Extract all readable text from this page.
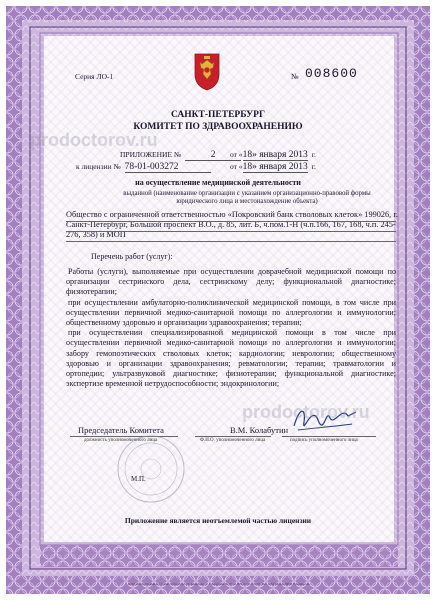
Серия ЛО-1	№ 008600
САНКТ-ПЕТЕРБУРГ
КОМИТЕТ ПО ЗДРАВООХРАНЕНИЮ
ПРИЛОЖЕНИЕ №	2	от «18» января 2013 г.
к лицензии № 78-01-003272	от «18» января 2013 г.
на осуществление медицинской деятельности
выданной (наименование организации с указанием организационно-правовой формы юридического лица и местонахождение объекта)
Общество с ограниченной ответственностью «Покровский банк стволовых клеток» 199026, г. Санкт-Петербург, Большой проспект В.О., д. 85, лит. Б, ч.пом.1-Н (ч.п.166, 167, 168, ч.п. 245-276, 358) и МОП
Перечень работ (услуг):

Работы (услуги), выполняемые при осуществлении доврачебной медицинской помощи по организации сестринского дела, сестринскому делу; функциональной диагностике; физиотерапии;

при осуществлении амбулаторно-поликлинической медицинской помощи, в том числе при осуществлении первичной медико-санитарной помощи по аллергологии и иммунологии; общественному здоровью и организации здравоохранения; терапии;

при осуществлении специализированной медицинской помощи в том числе при осуществлении первичной медико-санитарной помощи по аллергологии и иммунологии; забору гемопоэтических стволовых клеток; кардиологии; неврологии; общественному здоровью и организации здравоохранения; ревматологии; терапии; травматологии и ортопедии; ультразвуковой диагностике; физиотерапии; функциональной диагностике; экспертизе временной нетрудоспособности; эндокринологии;

Председатель Комитета	В.М. Колабутин
должность уполномоченного лица	Ф.И.О. уполномоченного лица	подпись уполномоченного лица
М.П.
Приложение является неотъемлемой частью лицензии
ООО «Петрографика» г. Санкт-Петербург, ул. Коммуны, д. 1 Лицензия № 77-01-003 от 20.10.2011 Зак. 1234 Тираж 20000 Уровень «Б»
prodoctorov.ru
prodoctorov.ru
